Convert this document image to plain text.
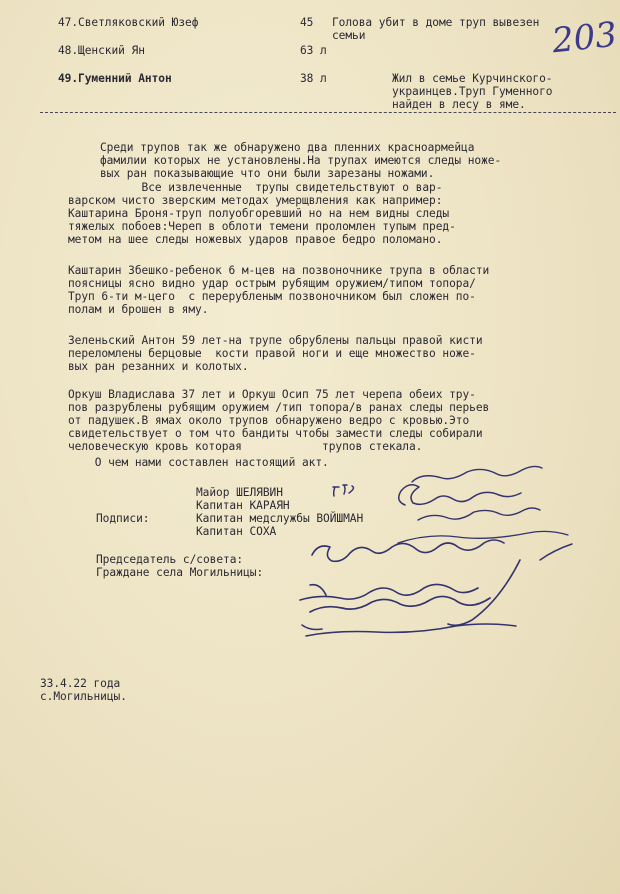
203
47.Светляковский Юзеф	45 Голова убит в доме труп вывезен
семьи
48.Щенский Ян	63 л
49.Гуменний Антон	38 л	Жил в семье Курчинского-
украинцев.Труп Гуменного
найден в лесу в яме.
Среди трупов так же обнаружено два пленних красноармейца
фамилии которых не установлены.На трупах имеются следы ноже-
вых ран показывающие что они были зарезаны ножами.
Все извлеченные  трупы свидетельствуют о вар-
варском чисто зверским методах умерщвления как например:
Каштарина Броня-труп полуобгоревший но на нем видны следы
тяжелых побоев:Череп в облоти темени проломлен тупым пред-
метом на шее следы ножевых ударов правое бедро поломано.
Каштарин Збешко-ребенок 6 м-цев на позвоночнике трупа в области
поясницы ясно видно удар острым рубящим оружием/типом топора/
Труп 6-ти м-цего  с перерубленым позвоночником был сложен по-
полам и брошен в яму.
Зеленьский Антон 59 лет-на трупе обрублены пальцы правой кисти
переломлены берцовые  кости правой ноги и еще множество ноже-
вых ран резанних и колотых.
Оркуш Владислава 37 лет и Оркуш Осип 75 лет черепа обеих тру-
пов разрублены рубящим оружием /тип топора/в ранах следы перьев
от падушек.В ямах около трупов обнаружено ведро с кровью.Это
свидетельствует о том что бандиты чтобы замести следы собирали
человеческую кровь которая            трупов стекала.
О чем нами составлен настоящий акт.
Майор ШЕЛЯВИН
Капитан КАРАЯН
Капитан медслужбы ВОЙШМАН
Капитан СОХА
Подписи:
Председатель с/совета:
Граждане села Могильницы:
33.4.22 года
с.Могильницы.
